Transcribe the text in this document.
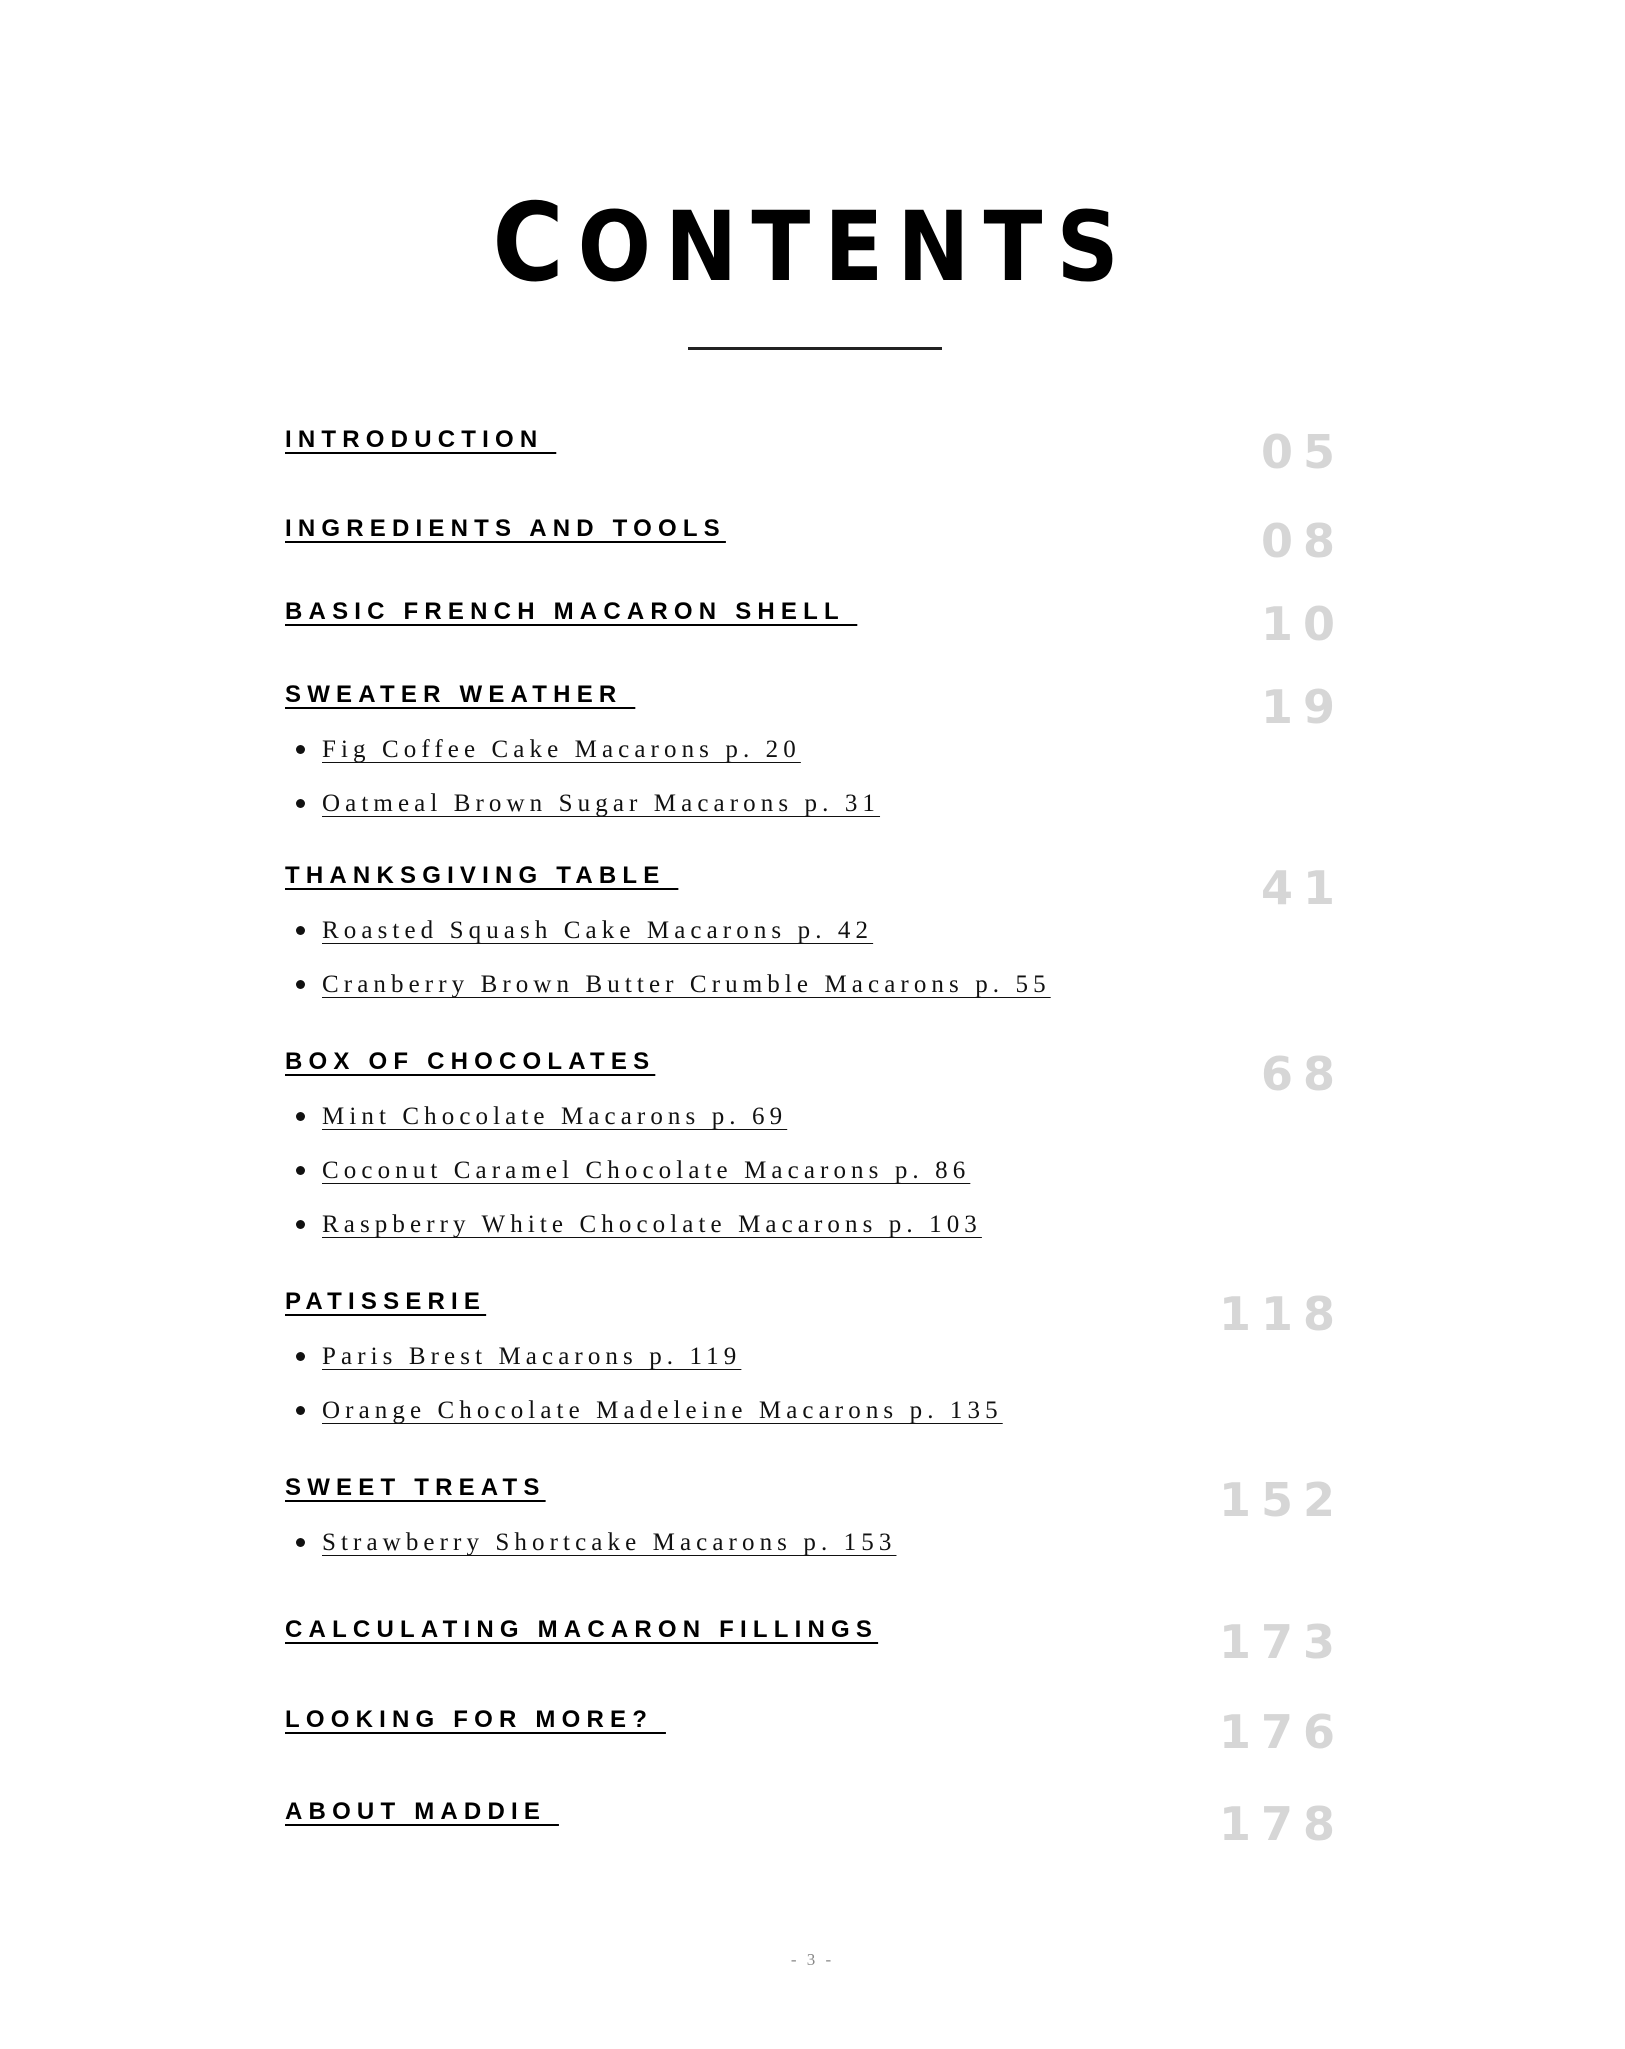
CONTENTS
INTRODUCTION	05
INGREDIENTS AND TOOLS	08
BASIC FRENCH MACARON SHELL	10
SWEATER WEATHER	19
Fig Coffee Cake Macarons p. 20
Oatmeal Brown Sugar Macarons p. 31
THANKSGIVING TABLE	41
Roasted Squash Cake Macarons p. 42
Cranberry Brown Butter Crumble Macarons p. 55
BOX OF CHOCOLATES	68
Mint Chocolate Macarons p. 69
Coconut Caramel Chocolate Macarons p. 86
Raspberry White Chocolate Macarons p. 103
PATISSERIE	118
Paris Brest Macarons p. 119
Orange Chocolate Madeleine Macarons p. 135
SWEET TREATS	152
Strawberry Shortcake Macarons p. 153
CALCULATING MACARON FILLINGS	173
LOOKING FOR MORE?	176
ABOUT MADDIE	178
- 3 -
